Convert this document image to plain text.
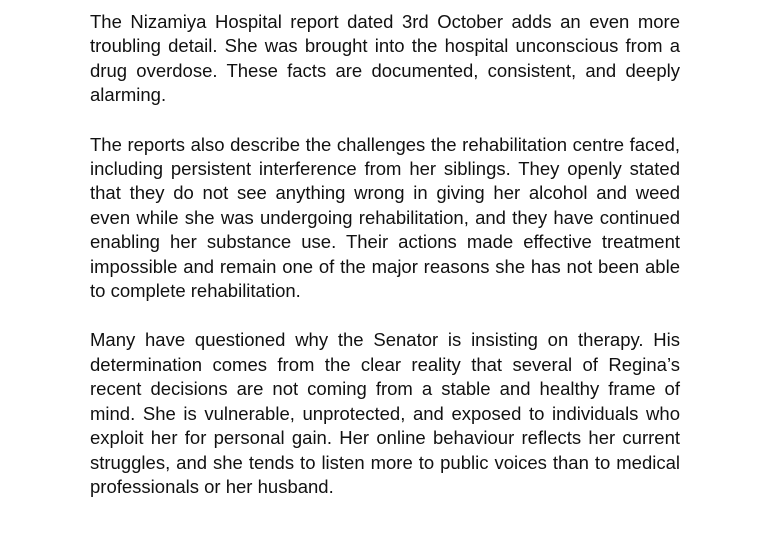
The Nizamiya Hospital report dated 3rd October adds an even more troubling detail. She was brought into the hospital unconscious from a drug overdose. These facts are documented, consistent, and deeply alarming.

The reports also describe the challenges the rehabilitation centre faced, including persistent interference from her siblings. They openly stated that they do not see anything wrong in giving her alcohol and weed even while she was undergoing rehabilitation, and they have continued enabling her substance use. Their actions made effective treatment impossible and remain one of the major reasons she has not been able to complete rehabilitation.

Many have questioned why the Senator is insisting on therapy. His determination comes from the clear reality that several of Regina’s recent decisions are not coming from a stable and healthy frame of mind. She is vulnerable, unprotected, and exposed to individuals who exploit her for personal gain. Her online behaviour reflects her current struggles, and she tends to listen more to public voices than to medical professionals or her husband.
